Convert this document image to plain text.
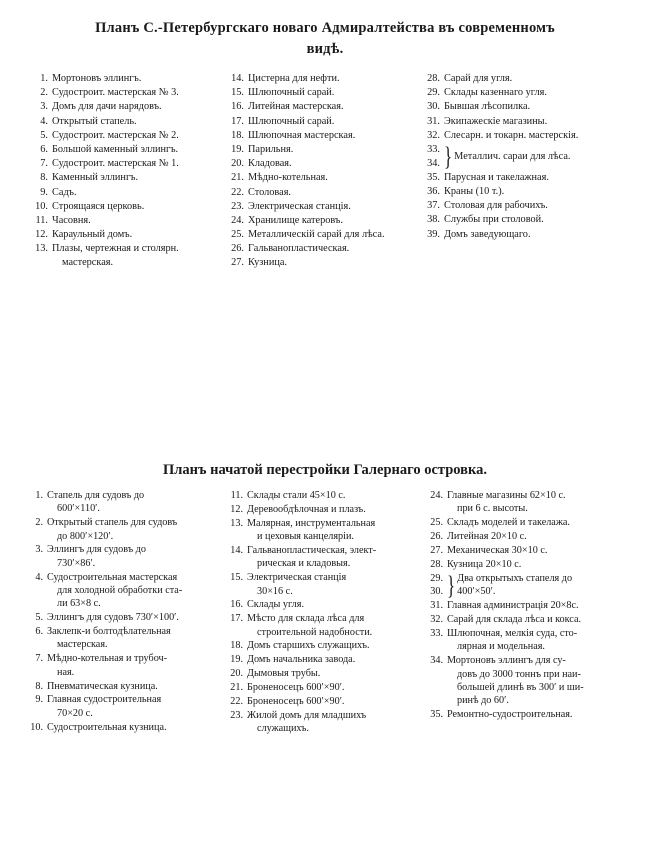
Планъ С.-Петербургскаго новаго Адмиралтейства въ современномъ
видѣ.
1. Мортоновъ эллингъ.
2. Судострoит. мастерская № 3.
3. Домъ для дачи нарядовъ.
4. Открытый стапель.
5. Судострoит. мастерская № 2.
6. Большой каменный эллингъ.
7. Судострoит. мастерская № 1.
8. Каменный эллингъ.
9. Садъ.
10. Строящаяся церковь.
11. Часовня.
12. Караульный домъ.
13. Плазы, чертежная и столярн.
мастерская.
14. Цистерна для нефти.
15. Шлюпочный сарай.
16. Литейная мастерская.
17. Шлюпочный сарай.
18. Шлюпочная мастерская.
19. Парильня.
20. Кладовая.
21. Мѣдно-котельная.
22. Столовая.
23. Электрическая станція.
24. Хранилище катеровъ.
25. Металлическій сарай для лѣса.
26. Гальванопластическая.
27. Кузница.
28. Сарай для угля.
29. Склады казеннаго угля.
30. Бывшая лѣсопилка.
31. Экипажескіе магазины.
32. Слесарн. и токарн. мастерскія.
33.
34. } Металлич. сараи для лѣса.
35. Парусная и такелажная.
36. Краны (10 т.).
37. Столовая для рабочихъ.
38. Службы при столовой.
39. Домъ заведующаго.
Планъ начатой перестройки Галернаго островка.
1. Стапель для судовъ до
600′×110′.
2. Открытый стапель для судовъ
до 800′×120′.
3. Эллингъ для судовъ до
730′×86′.
4. Судостроительная мастерская
для холодной обработки ста-
ли 63×8 с.
5. Эллингъ для судовъ 730′×100′.
6. Заклепк-и болтодѣлательная
мастерская.
7. Мѣдно-котельная и трубоч-
ная.
8. Пневматическая кузница.
9. Главная судостроительная
70×20 с.
10. Судостроительная кузница.
11. Склады стали 45×10 с.
12. Деревообдѣлочная и плазъ.
13. Малярная, инструментальная
и цеховыя канцеляріи.
14. Гальванопластическая, элект-
рическая и кладовыя.
15. Электрическая станція
30×16 с.
16. Склады угля.
17. Мѣсто для склада лѣса для
строительной надобности.
18. Домъ старшихъ служащихъ.
19. Домъ начальника завода.
20. Дымовыя трубы.
21. Броненосецъ 600′×90′.
22. Броненосецъ 600′×90′.
23. Жилой домъ для младшихъ
служащихъ.
24. Главные магазины 62×10 с.
при 6 с. высоты.
25. Складъ моделей и такелажа.
26. Литейная 20×10 с.
27. Механическая 30×10 с.
28. Кузница 20×10 с.
29.
30. } Два открытыхъ стапеля до
400′×50′.
31. Главная администрація 20×8с.
32. Сарай для склада лѣса и кокса.
33. Шлюпочная, мелкія суда, сто-
лярная и модельная.
34. Мортоновъ эллингъ для су-
довъ до 3000 тоннъ при наи-
большей длинѣ въ 300′ и ши-
ринѣ до 60′.
35. Ремонтно-судостроительная.
